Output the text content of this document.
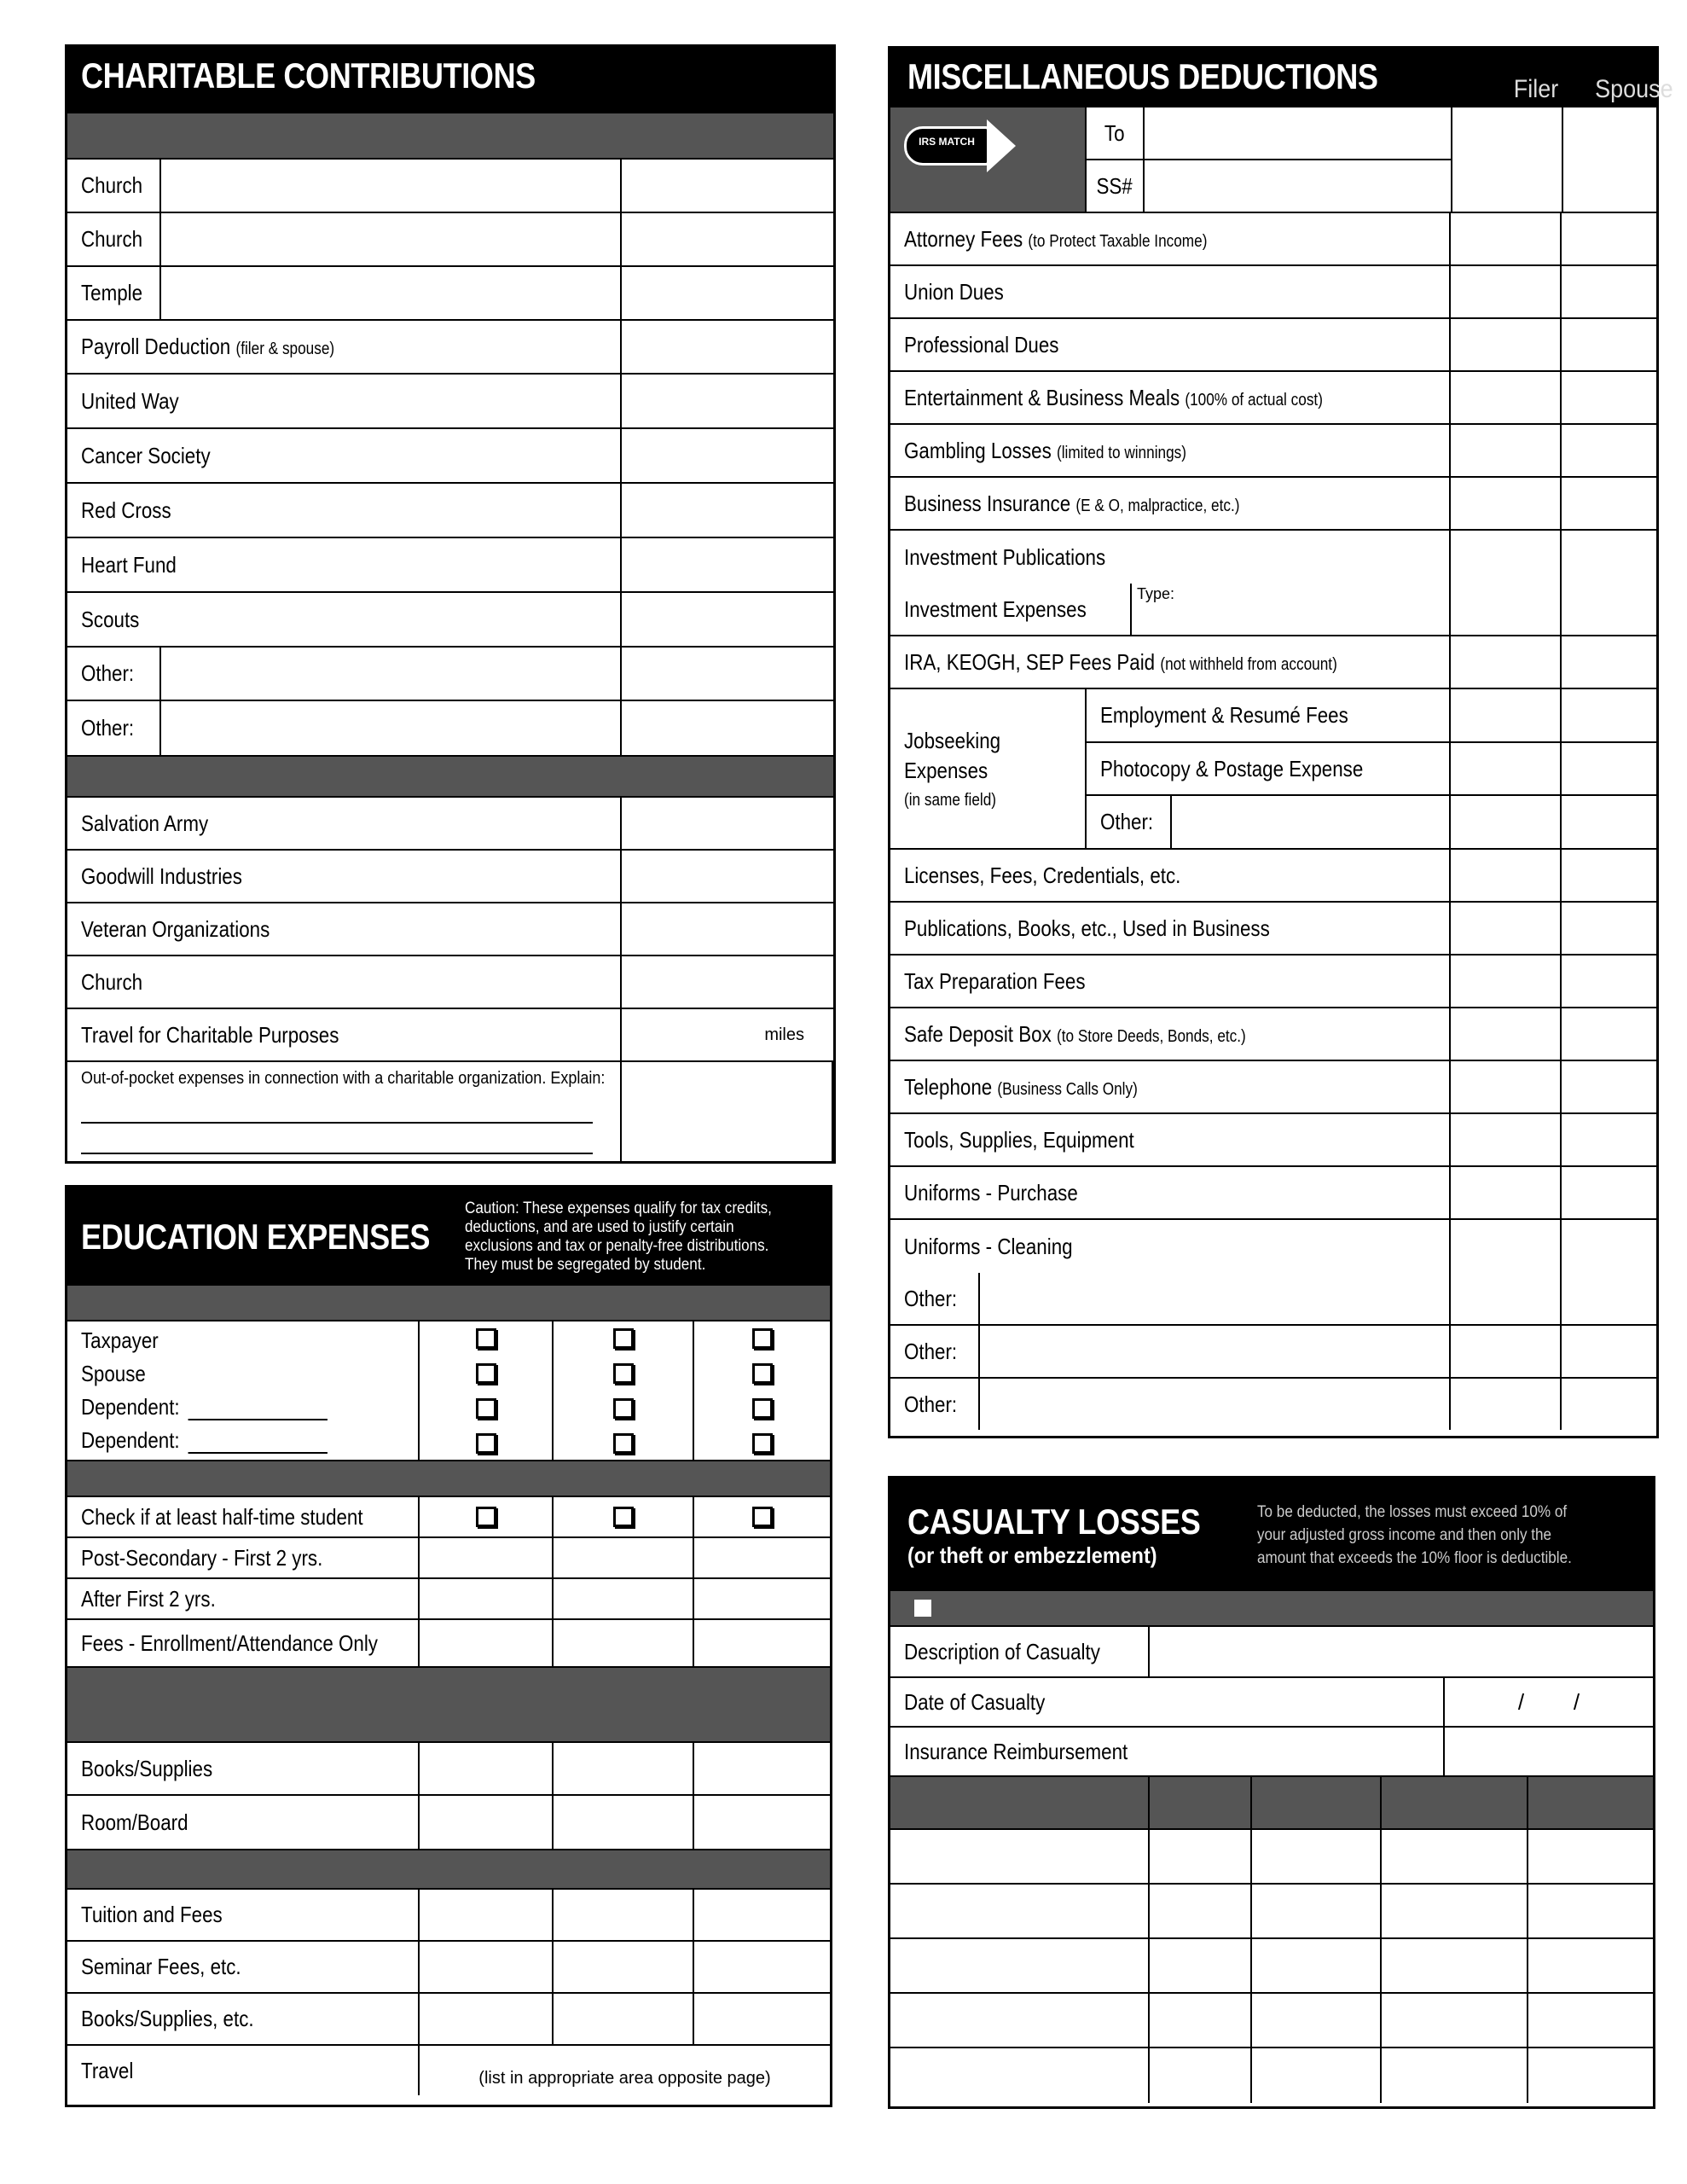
CHARITABLE CONTRIBUTIONS
Church
Church
Temple
Payroll Deduction (filer & spouse)
United Way
Cancer Society
Red Cross
Heart Fund
Scouts
Other:
Other:
Salvation Army
Goodwill Industries
Veteran Organizations
Church
Travel for Charitable Purposes	miles
Out-of-pocket expenses in connection with a charitable organization. Explain:
EDUCATION EXPENSES
Caution: These expenses qualify for tax credits, deductions, and are used to justify certain exclusions and tax or penalty-free distributions. They must be segregated by student.
Taxpayer
Spouse
Dependent:
Dependent:
Check if at least half-time student
Post-Secondary - First 2 yrs.
After First 2 yrs.
Fees - Enrollment/Attendance Only
Books/Supplies
Room/Board
Tuition and Fees
Seminar Fees, etc.
Books/Supplies, etc.
Travel	(list in appropriate area opposite page)
MISCELLANEOUS DEDUCTIONS	Filer	Spouse
IRS MATCH	To
SS#
Attorney Fees (to Protect Taxable Income)
Union Dues
Professional Dues
Entertainment & Business Meals (100% of actual cost)
Gambling Losses (limited to winnings)
Business Insurance (E & O, malpractice, etc.)
Investment Publications
Investment Expenses
Type:
IRA, KEOGH, SEP Fees Paid (not withheld from account)
Jobseeking
Expenses
(in same field)
Employment & Resumé Fees
Photocopy & Postage Expense
Other:
Licenses, Fees, Credentials, etc.
Publications, Books, etc., Used in Business
Tax Preparation Fees
Safe Deposit Box (to Store Deeds, Bonds, etc.)
Telephone (Business Calls Only)
Tools, Supplies, Equipment
Uniforms - Purchase
Uniforms - Cleaning
Other:
Other:
Other:
CASUALTY LOSSES
(or theft or embezzlement)
To be deducted, the losses must exceed 10% of your adjusted gross income and then only the amount that exceeds the 10% floor is deductible.
Description of Casualty
Date of Casualty	/        /
Insurance Reimbursement
